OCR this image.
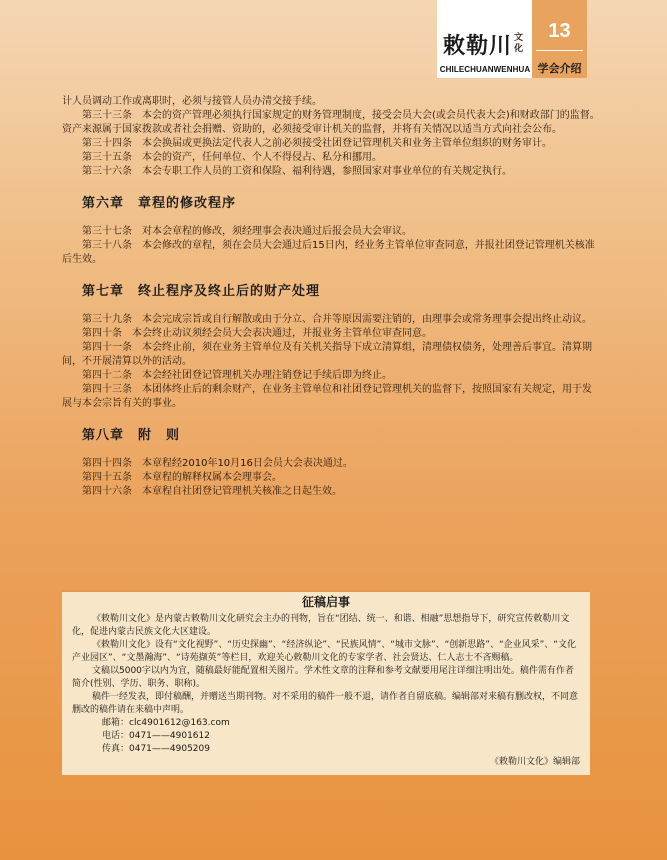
敕勒川 文
化
CHILECHUANWENHUA
13
学会介绍

计人员调动工作或离职时，必须与接管人员办清交接手续。

第三十三条　本会的资产管理必须执行国家规定的财务管理制度，接受会员大会(或会员代表大会)和财政部门的监督。资产来源属于国家拨款或者社会捐赠、资助的，必须接受审计机关的监督，并将有关情况以适当方式向社会公布。

第三十四条　本会换届或更换法定代表人之前必须接受社团登记管理机关和业务主管单位组织的财务审计。

第三十五条　本会的资产，任何单位、个人不得侵占、私分和挪用。

第三十六条　本会专职工作人员的工资和保险、福利待遇，参照国家对事业单位的有关规定执行。

第六章　章程的修改程序

第三十七条　对本会章程的修改，须经理事会表决通过后报会员大会审议。

第三十八条　本会修改的章程，须在会员大会通过后15日内，经业务主管单位审查同意，并报社团登记管理机关核准后生效。

第七章　终止程序及终止后的财产处理

第三十九条　本会完成宗旨或自行解散或由于分立、合并等原因需要注销的，由理事会或常务理事会提出终止动议。

第四十条　本会终止动议须经会员大会表决通过，并报业务主管单位审查同意。

第四十一条　本会终止前，须在业务主管单位及有关机关指导下成立清算组，清理债权债务，处理善后事宜。清算期间，不开展清算以外的活动。

第四十二条　本会经社团登记管理机关办理注销登记手续后即为终止。

第四十三条　本团体终止后的剩余财产，在业务主管单位和社团登记管理机关的监督下，按照国家有关规定，用于发展与本会宗旨有关的事业。

第八章　附　则

第四十四条　本章程经2010年10月16日会员大会表决通过。

第四十五条　本章程的解释权属本会理事会。

第四十六条　本章程自社团登记管理机关核准之日起生效。

征稿启事

《敕勒川文化》是内蒙古敕勒川文化研究会主办的刊物，旨在“团结、统一、和谐、相融”思想指导下，研究宣传敕勒川文化，促进内蒙古民族文化大区建设。

《敕勒川文化》设有“文化视野”、“历史探幽”、“经济纵论”、“民族风情”、“城市文脉”、“创新思路”、“企业风采”、“文化产业园区”、“文墨瀚海”、“诗苑撷英”等栏目，欢迎关心敕勒川文化的专家学者、社会贤达、仁人志士不吝赐稿。

文稿以5000字以内为宜，随稿最好能配置相关图片。学术性文章的注释和参考文献要用尾注详细注明出处。稿件需有作者简介(性别、学历、职务、职称)。

稿件一经发表，即付稿酬，并赠送当期刊物。对不采用的稿件一般不退，请作者自留底稿。编辑部对来稿有删改权，不同意删改的稿件请在来稿中声明。

邮箱：clc4901612@163.com
电话：0471——4901612
传真：0471——4905209
《敕勒川文化》编辑部
